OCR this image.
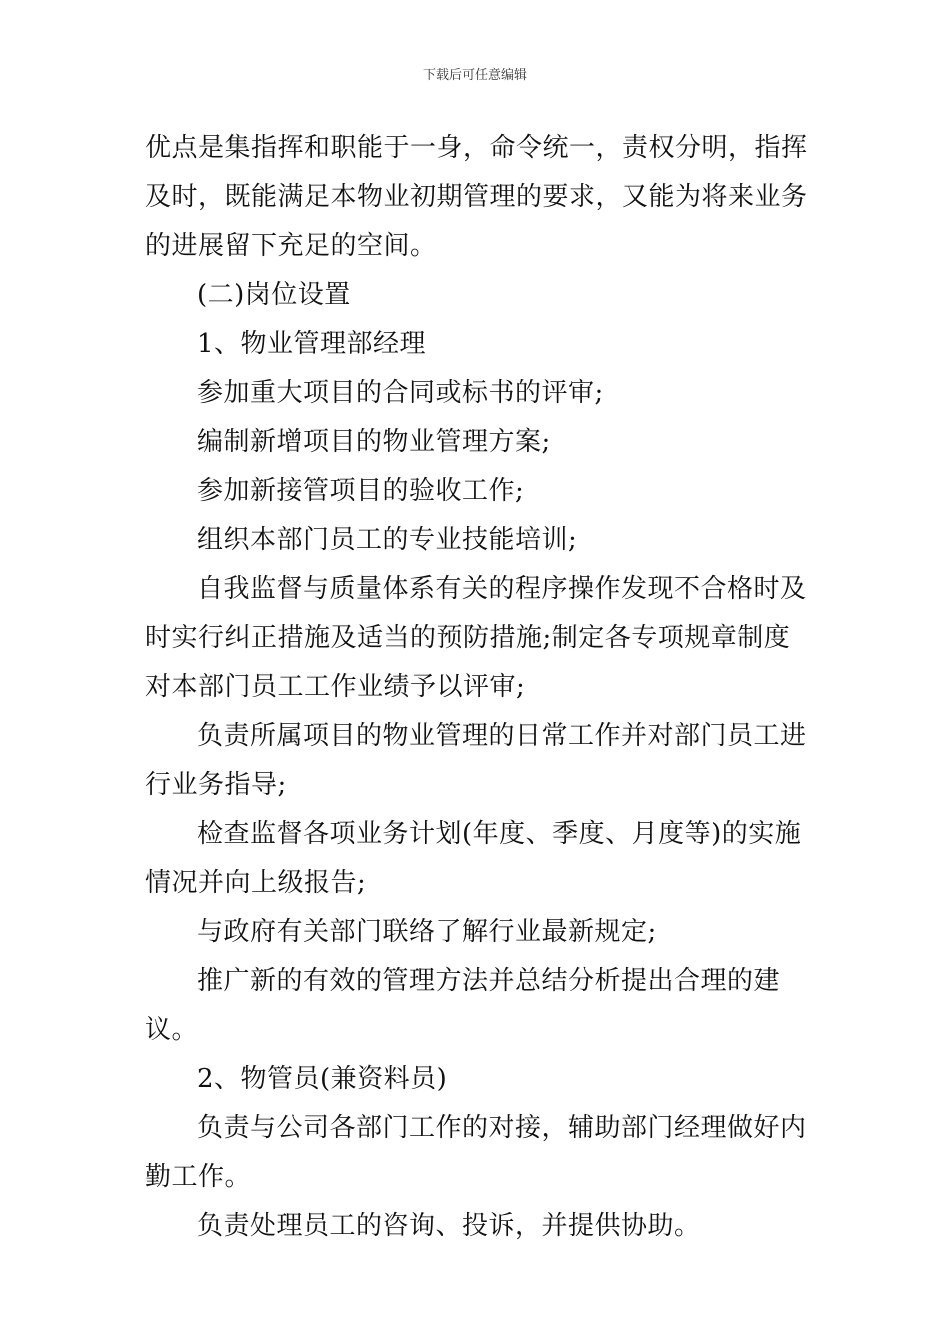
下载后可任意编辑

优点是集指挥和职能于一身，命令统一，责权分明，指挥及时，既能满足本物业初期管理的要求，又能为将来业务的进展留下充足的空间。

(二)岗位设置

1、物业管理部经理

参加重大项目的合同或标书的评审;

编制新增项目的物业管理方案;

参加新接管项目的验收工作;

组织本部门员工的专业技能培训;

自我监督与质量体系有关的程序操作发现不合格时及时实行纠正措施及适当的预防措施;制定各专项规章制度对本部门员工工作业绩予以评审;

负责所属项目的物业管理的日常工作并对部门员工进行业务指导;

检查监督各项业务计划(年度、季度、月度等)的实施情况并向上级报告;

与政府有关部门联络了解行业最新规定;

推广新的有效的管理方法并总结分析提出合理的建议。

2、物管员(兼资料员)

负责与公司各部门工作的对接，辅助部门经理做好内勤工作。

负责处理员工的咨询、投诉，并提供协助。
